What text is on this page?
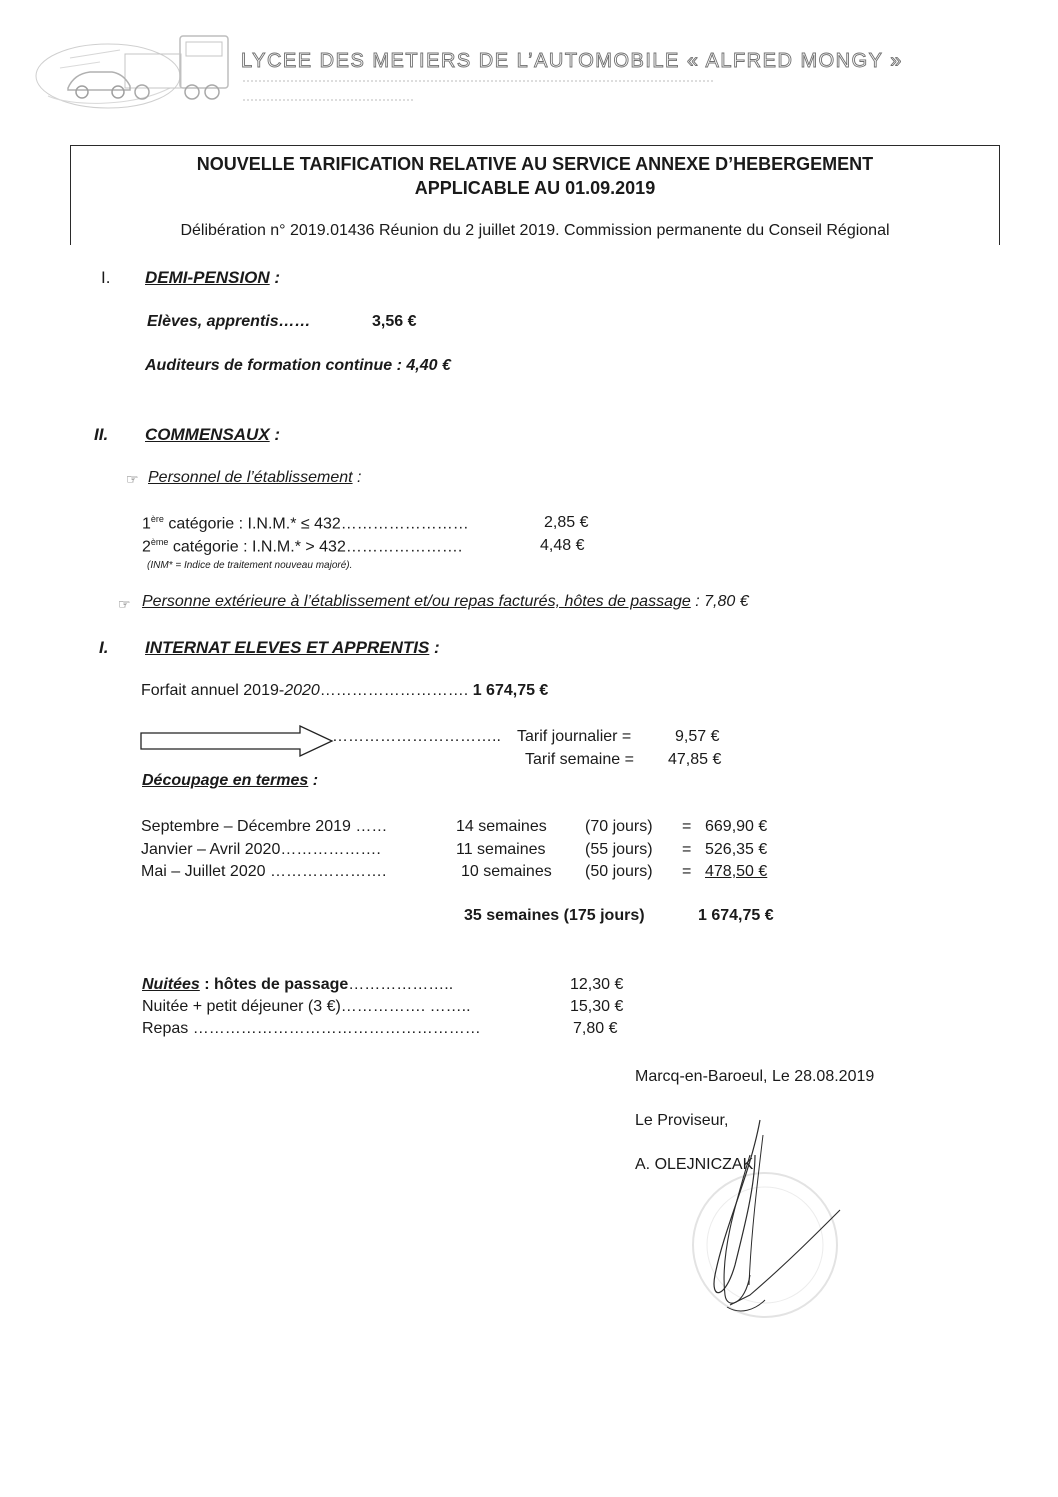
LYCEE DES METIERS DE L’AUTOMOBILE « ALFRED MONGY »
NOUVELLE TARIFICATION RELATIVE AU SERVICE ANNEXE D’HEBERGEMENT
APPLICABLE AU 01.09.2019
Délibération n° 2019.01436 Réunion du 2 juillet 2019. Commission permanente du Conseil Régional
I. DEMI-PENSION :
Elèves, apprentis……	3,56 €
Auditeurs de formation continue : 4,40 €
II. COMMENSAUX :
☞ Personnel de l’établissement :
1ère catégorie : I.N.M.* ≤ 432……………………	2,85 €
2ème catégorie : I.N.M.* > 432………………….	4,48 €
(INM* = Indice de traitement nouveau majoré).
☞ Personne extérieure à l’établissement et/ou repas facturés, hôtes de passage : 7,80 €
I. INTERNAT ELEVES ET APPRENTIS :
Forfait annuel 2019-2020………………………. 1 674,75 €
………………………….. Tarif journalier =	9,57 €
Tarif semaine = 47,85 €
Découpage en termes :
Septembre – Décembre 2019 ……	14 semaines (70 jours) = 669,90 €
Janvier – Avril 2020……………….	11 semaines (55 jours) = 526,35 €
Mai – Juillet 2020 ………………….	10 semaines (50 jours) = 478,50 €
35 semaines (175 jours)	1 674,75 €
Nuitées : hôtes de passage………………..	12,30 €
Nuitée + petit déjeuner (3 €)……………. ……..	15,30 €
Repas ………………………………………………	7,80 €
Marcq-en-Baroeul, Le 28.08.2019
Le Proviseur,
A. OLEJNICZAK
